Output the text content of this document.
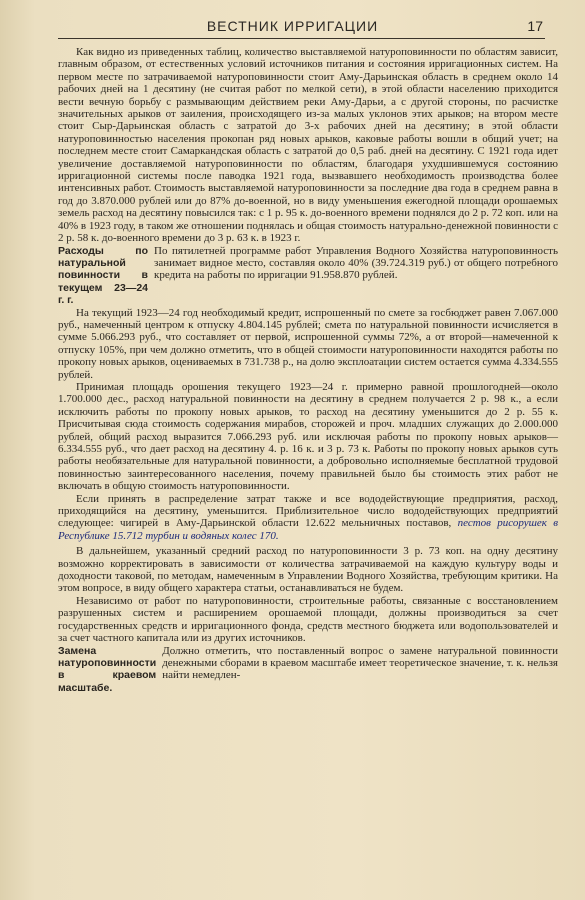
ВЕСТНИК ИРРИГАЦИИ	17

Как видно из приведенных таблиц, количество выставляемой натуроповинности по областям зависит, главным образом, от естественных условий источников питания и состояния ирригационных систем. На первом месте по затрачиваемой натуроповинности стоит Аму-Дарьинская область в среднем около 14 рабочих дней на 1 десятину (не считая работ по мелкой сети), в этой области населению приходится вести вечную борьбу с размывающим действием реки Аму-Дарьи, а с другой стороны, по расчистке значительных арыков от заиления, происходящего из-за малых уклонов этих арыков; на втором месте стоит Сыр-Дарьинская область с затратой до 3-х рабочих дней на десятину; в этой области натуроповинностью населения прокопан ряд новых арыков, каковые работы вошли в общий учет; на последнем месте стоит Самаркандская область с затратой до 0,5 раб. дней на десятину. С 1921 года идет увеличение доставляемой натуроповинности по областям, благодаря ухудшившемуся состоянию ирригационной системы после паводка 1921 года, вызвавшего необходимость производства более интенсивных работ. Стоимость выставляемой натуроповинности за последние два года в среднем равна в год до 3.870.000 рублей или до 87% до-военной, но в виду уменьшения ежегодной площади орошаемых земель расход на десятину повысился так: с 1 р. 95 к. до-военного времени поднялся до 2 р. 72 коп. или на 40% в 1923 году, в таком же отношении поднялась и общая стоимость натурально-денежной повинности с 2 р. 58 к. до-военного времени до 3 р. 63 к. в 1923 г.

Расходы по натуральной повинности в текущем 23—24 г. г.

По пятилетней программе работ Управления Водного Хозяйства натуроповинность занимает видное место, составляя около 40% (39.724.319 руб.) от общего потребного кредита на работы по ирригации 91.958.870 рублей.

На текущий 1923—24 год необходимый кредит, испрошенный по смете за госбюджет равен 7.067.000 руб., намеченный центром к отпуску 4.804.145 рублей; смета по натуральной повинности исчисляется в сумме 5.066.293 руб., что составляет от первой, испрошенной суммы 72%, а от второй—намеченной к отпуску 105%, при чем должно отметить, что в общей стоимости натуроповинности находятся работы по прокопу новых арыков, оцениваемых в 731.738 р., на долю эксплоатации систем остается сумма 4.334.555 рублей.

Принимая площадь орошения текущего 1923—24 г. примерно равной прошлогодней—около 1.700.000 дес., расход натуральной повинности на десятину в среднем получается 2 р. 98 к., а если исключить работы по прокопу новых арыков, то расход на десятину уменьшится до 2 р. 55 к. Присчитывая сюда стоимость содержания мирабов, сторожей и проч. младших служащих до 2.000.000 рублей, общий расход выразится 7.066.293 руб. или исключая работы по прокопу новых арыков—6.334.555 руб., что дает расход на десятину 4. р. 16 к. и 3 р. 73 к. Работы по прокопу новых арыков суть работы необязательные для натуральной повинности, а добровольно исполняемые бесплатной трудовой повинностью заинтересованного населения, почему правильней было бы стоимость этих работ не включать в общую стоимость натуроповинности.

Если принять в распределение затрат также и все вододействующие предприятия, расход, приходящийся на десятину, уменьшится. Приблизительное число вододействующих предприятий следующее: чигирей в Аму-Дарьинской области 12.622 мельничных поставов, пестов рисорушек в Республике 15.712 турбин и водяных колес 170.

В дальнейшем, указанный средний расход по натуроповинности 3 р. 73 коп. на одну десятину возможно корректировать в зависимости от количества затрачиваемой на каждую культуру воды и доходности таковой, по методам, намеченным в Управлении Водного Хозяйства, требующим критики. На этом вопросе, в виду общего характера статьи, останавливаться не будем.

Независимо от работ по натуроповинности, строительные работы, связанные с восстановлением разрушенных систем и расширением орошаемой площади, должны производиться за счет государственных средств и ирригационного фонда, средств местного бюджета или водопользователей и за счет частного капитала или из других источников.

Замена натуроповинности в краевом масштабе.

Должно отметить, что поставленный вопрос о замене натуральной повинности денежными сборами в краевом масштабе имеет теоретическое значение, т. к. нельзя найти немедлен-
